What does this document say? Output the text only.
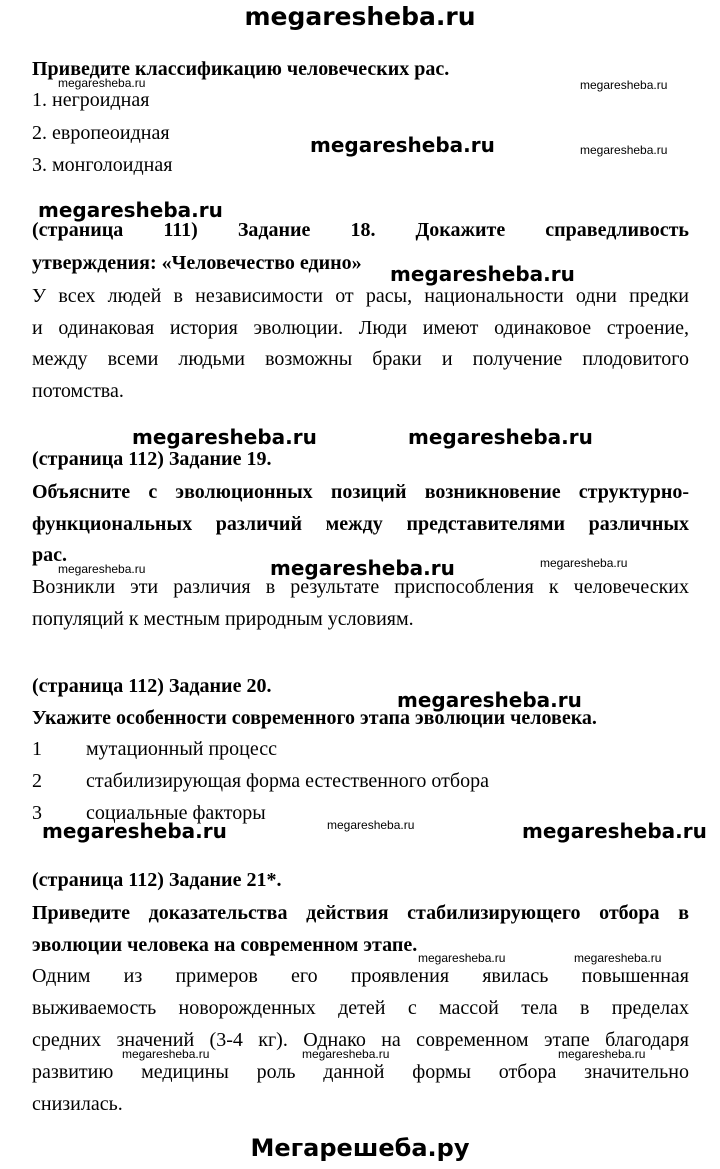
megaresheba.ru
Приведите классификацию человеческих рас.
1. негроидная
2. европеоидная
3. монголоидная
(страница 111) Задание 18. Докажите справедливость
утверждения: «Человечество едино»
У всех людей в независимости от расы, национальности одни предки
и одинаковая история эволюции. Люди имеют одинаковое строение,
между всеми людьми возможны браки и получение плодовитого
потомства.
(страница 112) Задание 19.
Объясните с эволюционных позиций возникновение структурно-
функциональных различий между представителями различных
рас.
Возникли эти различия в результате приспособления к человеческих
популяций к местным природным условиям.
(страница 112) Задание 20.
Укажите особенности современного этапа эволюции человека.
1 мутационный процесс
2 стабилизирующая форма естественного отбора
3 социальные факторы
(страница 112) Задание 21*.
Приведите доказательства действия стабилизирующего отбора в
эволюции человека на современном этапе.
Одним из примеров его проявления явилась повышенная
выживаемость новорожденных детей с массой тела в пределах
средних значений (3-4 кг). Однако на современном этапе благодаря
развитию медицины роль данной формы отбора значительно
снизилась.
megaresheba.ru
megaresheba.ru
megaresheba.ru
megaresheba.ru	megaresheba.ru
megaresheba.ru
megaresheba.ru
megaresheba.ru	megaresheba.ru
megaresheba.ru	megaresheba.ru
megaresheba.ru
megaresheba.ru	megaresheba.ru
megaresheba.ru
megaresheba.ru	megaresheba.ru
megaresheba.ru	megaresheba.ru	megaresheba.ru
Мегарешеба.ру
